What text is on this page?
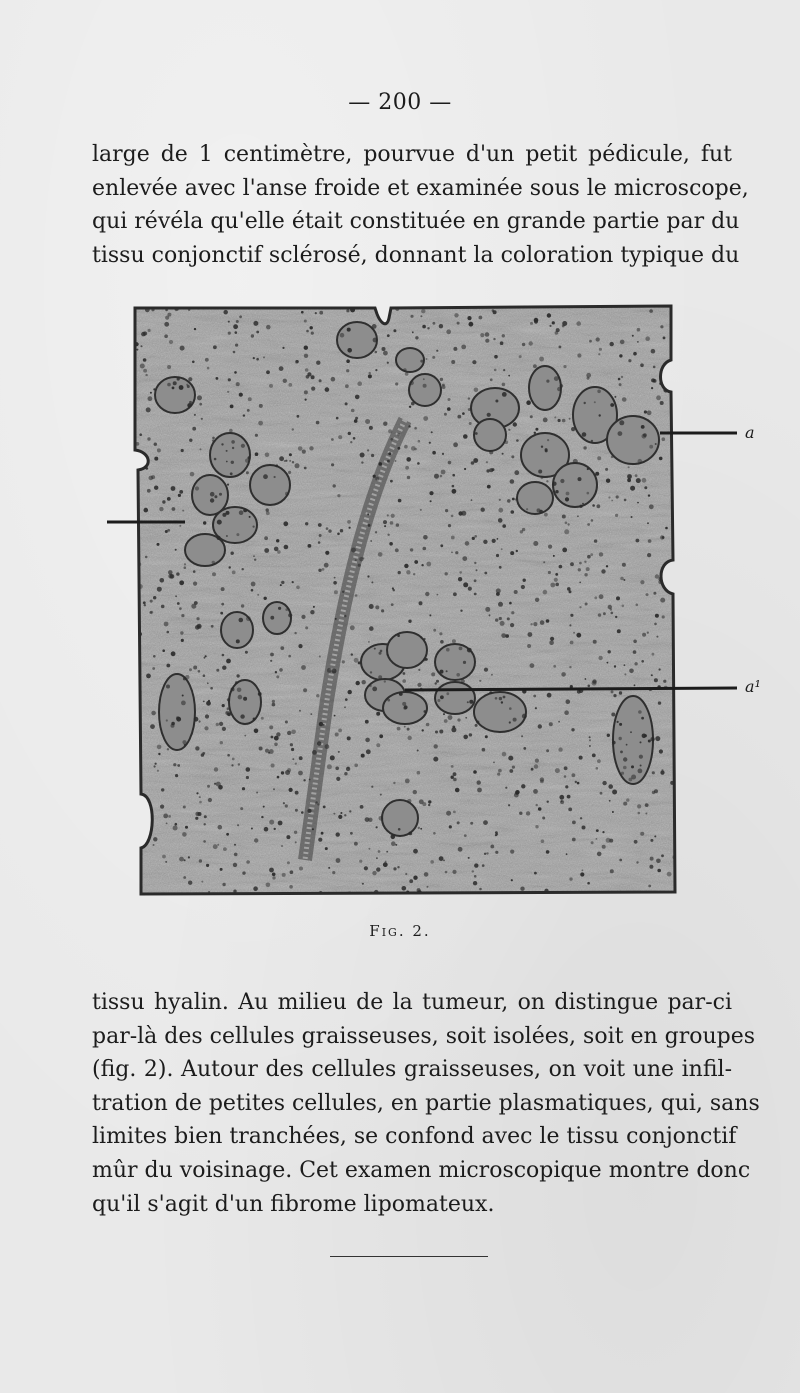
— 200 —
large de 1 centimètre, pourvue d'un petit pédicule, fut
enlevée avec l'anse froide et examinée sous le microscope,
qui révéla qu'elle était constituée en grande partie par du
tissu conjonctif sclérosé, donnant la coloration typique du
a
a¹
Fig. 2.
tissu hyalin. Au milieu de la tumeur, on distingue par-ci
par-là des cellules graisseuses, soit isolées, soit en groupes
(fig. 2). Autour des cellules graisseuses, on voit une infil-
tration de petites cellules, en partie plasmatiques, qui, sans
limites bien tranchées, se confond avec le tissu conjonctif
mûr du voisinage. Cet examen microscopique montre donc
qu'il s'agit d'un fibrome lipomateux.
